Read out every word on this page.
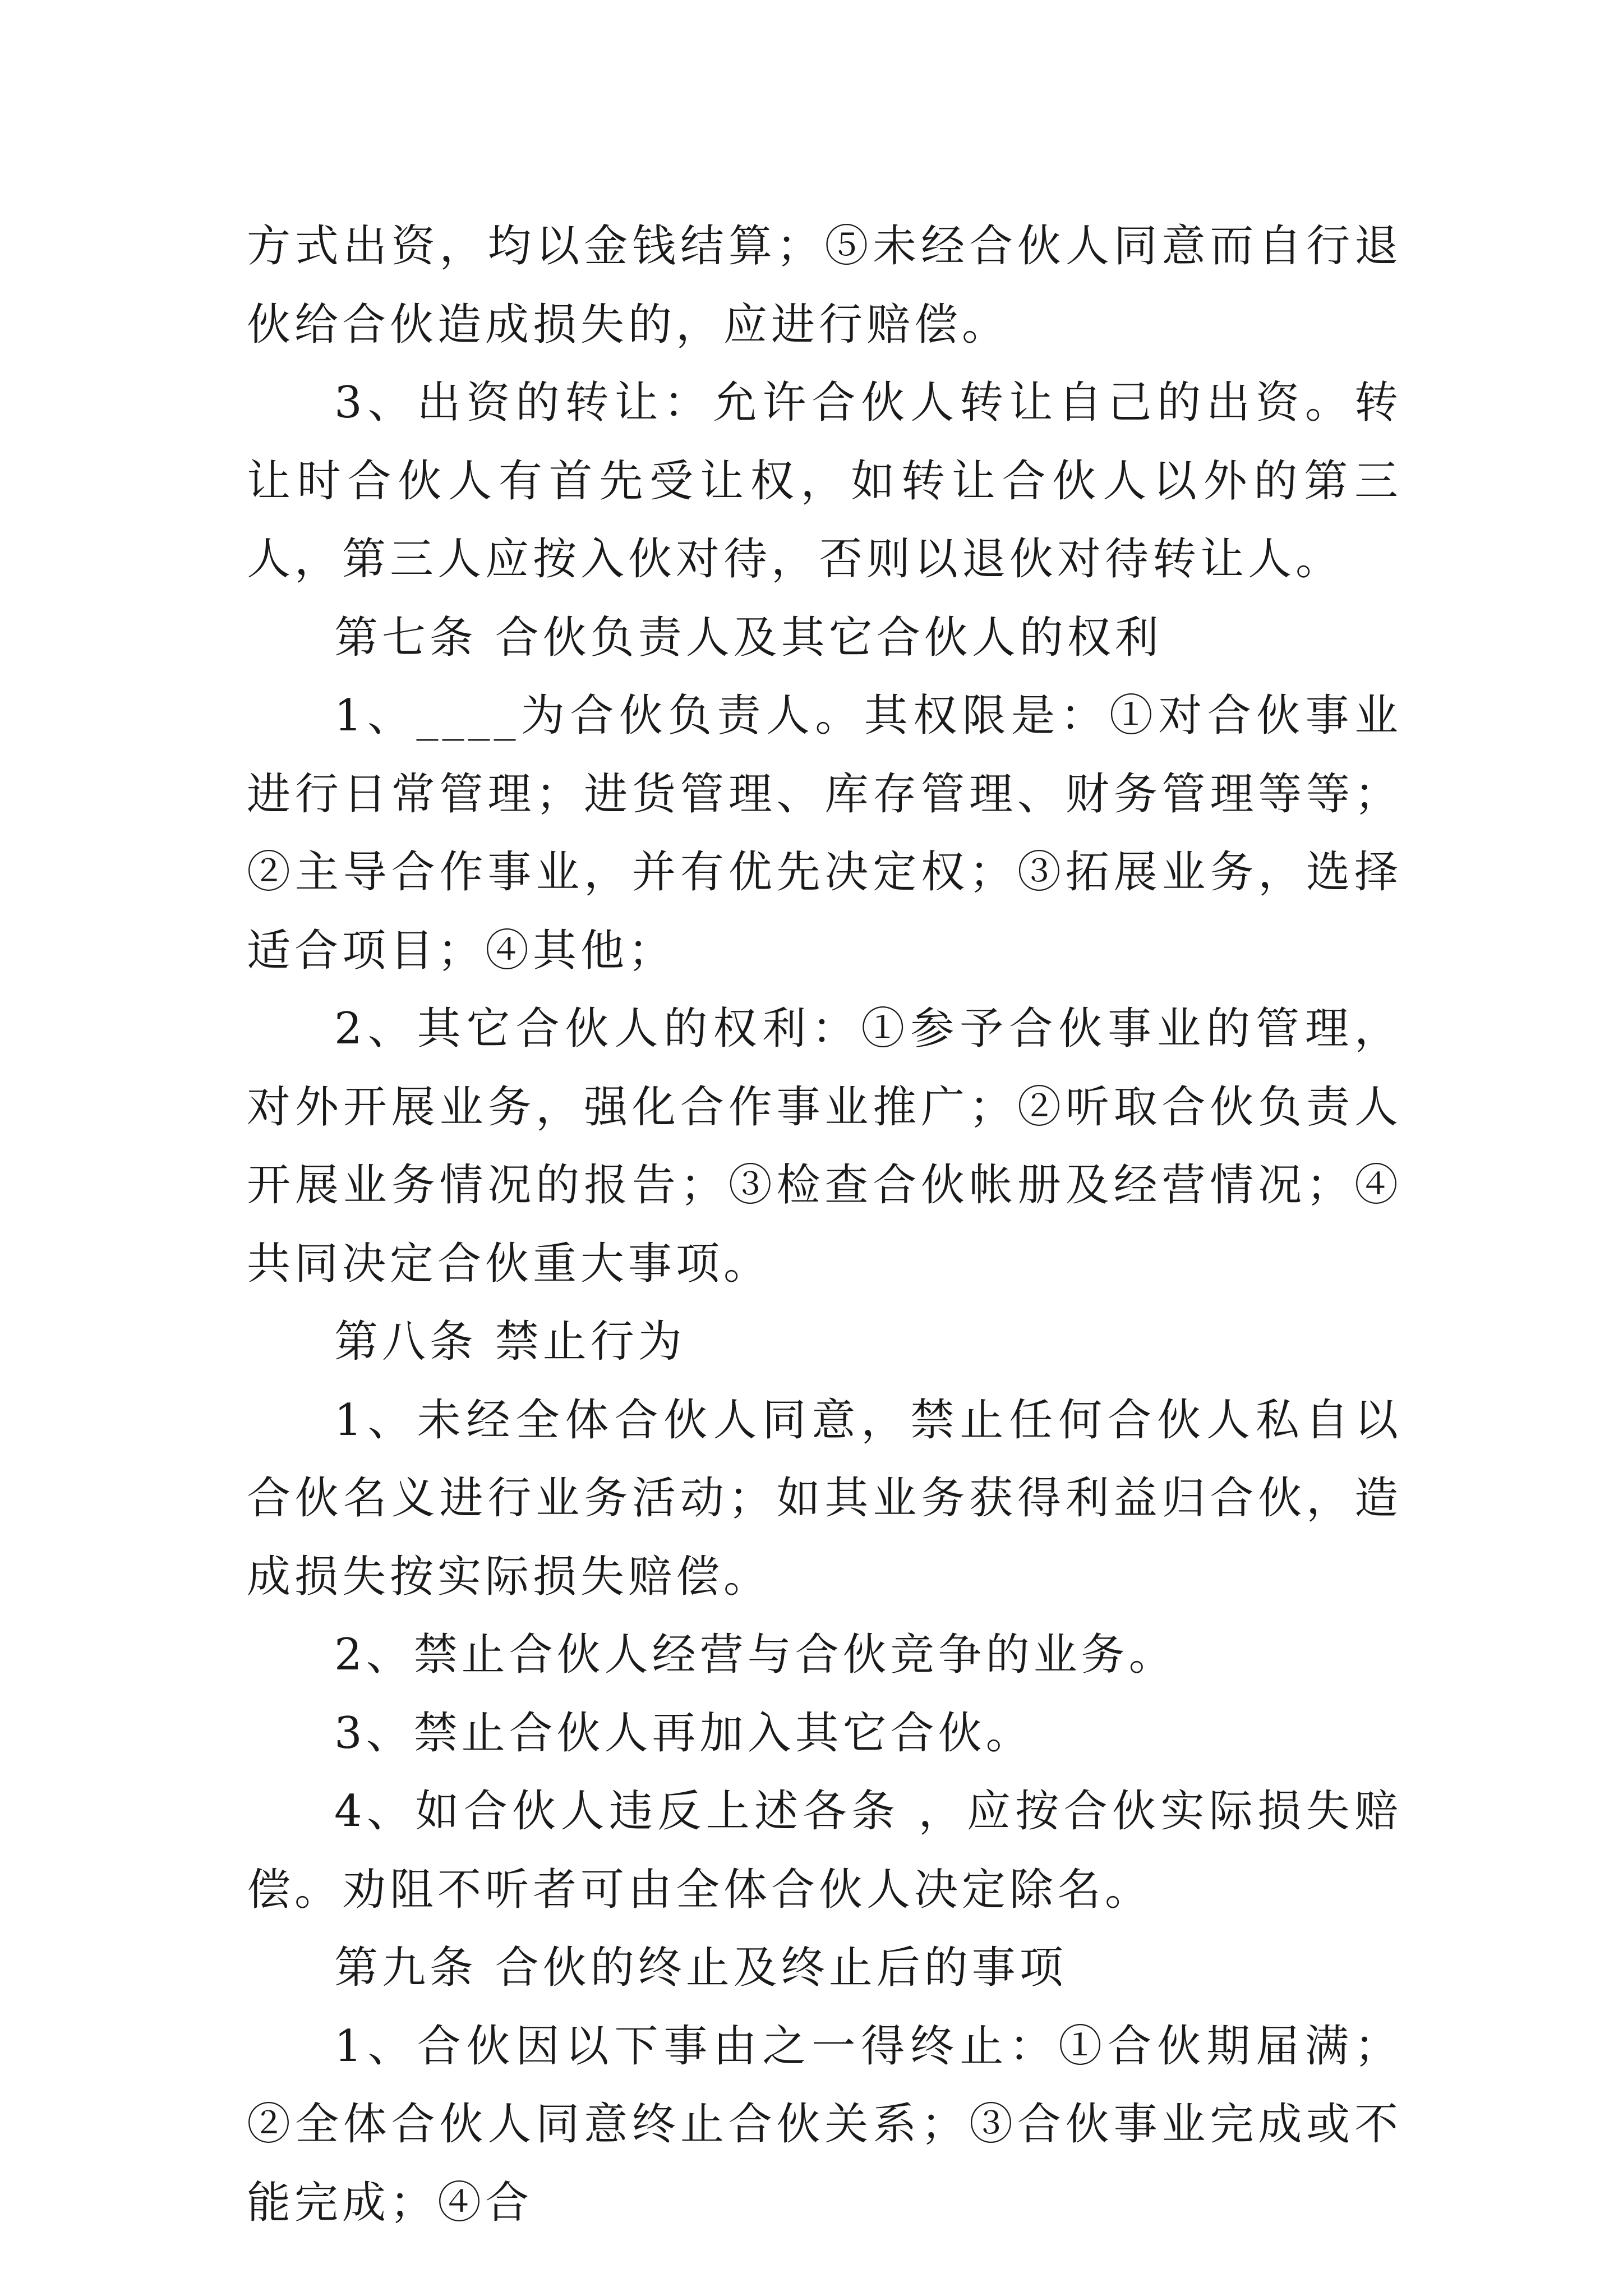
方式出资，均以金钱结算；⑤未经合伙人同意而自行退伙给合伙造成损失的，应进行赔偿。

3、出资的转让：允许合伙人转让自己的出资。转让时合伙人有首先受让权，如转让合伙人以外的第三人，第三人应按入伙对待，否则以退伙对待转让人。

第七条 合伙负责人及其它合伙人的权利

1、____为合伙负责人。其权限是：①对合伙事业进行日常管理；进货管理、库存管理、财务管理等等；②主导合作事业，并有优先决定权；③拓展业务，选择适合项目；④其他；

2、其它合伙人的权利：①参予合伙事业的管理，对外开展业务，强化合作事业推广；②听取合伙负责人开展业务情况的报告；③检查合伙帐册及经营情况；④共同决定合伙重大事项。

第八条 禁止行为

1、未经全体合伙人同意，禁止任何合伙人私自以合伙名义进行业务活动；如其业务获得利益归合伙，造成损失按实际损失赔偿。

2、禁止合伙人经营与合伙竞争的业务。

3、禁止合伙人再加入其它合伙。

4、如合伙人违反上述各条 ，应按合伙实际损失赔偿。劝阻不听者可由全体合伙人决定除名。

第九条 合伙的终止及终止后的事项

1、合伙因以下事由之一得终止：①合伙期届满；②全体合伙人同意终止合伙关系；③合伙事业完成或不能完成；④合
